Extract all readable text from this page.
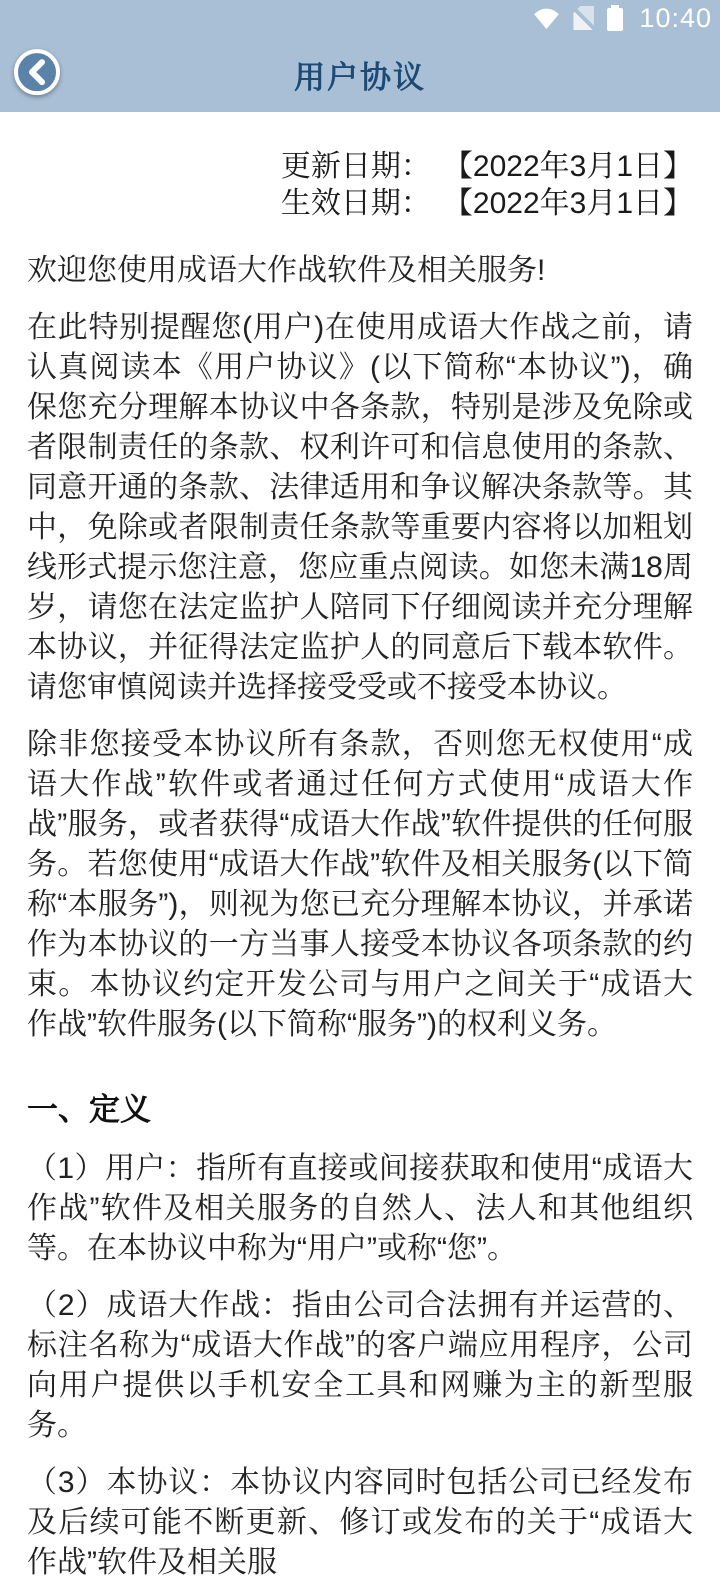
10:40
用户协议
更新日期： 【2022年3月1日】
生效日期： 【2022年3月1日】

欢迎您使用成语大作战软件及相关服务!

在此特别提醒您(用户)在使用成语大作战之前，请认真阅读本《用户协议》(以下简称“本协议”)，确保您充分理解本协议中各条款，特别是涉及免除或者限制责任的条款、权利许可和信息使用的条款、同意开通的条款、法律适用和争议解决条款等。其中，免除或者限制责任条款等重要内容将以加粗划线形式提示您注意，您应重点阅读。如您未满18周岁，请您在法定监护人陪同下仔细阅读并充分理解本协议，并征得法定监护人的同意后下载本软件。请您审慎阅读并选择接受受或不接受本协议。

除非您接受本协议所有条款，否则您无权使用“成语大作战”软件或者通过任何方式使用“成语大作战”服务，或者获得“成语大作战”软件提供的任何服务。若您使用“成语大作战”软件及相关服务(以下简称“本服务”)，则视为您已充分理解本协议，并承诺作为本协议的一方当事人接受本协议各项条款的约束。本协议约定开发公司与用户之间关于“成语大作战”软件服务(以下简称“服务”)的权利义务。

一、定义

（1）用户：指所有直接或间接获取和使用“成语大作战”软件及相关服务的自然人、法人和其他组织等。在本协议中称为“用户”或称“您”。

（2）成语大作战：指由公司合法拥有并运营的、标注名称为“成语大作战”的客户端应用程序，公司向用户提供以手机安全工具和网赚为主的新型服务。

（3）本协议：本协议内容同时包括公司已经发布及后续可能不断更新、修订或发布的关于“成语大作战”软件及相关服
